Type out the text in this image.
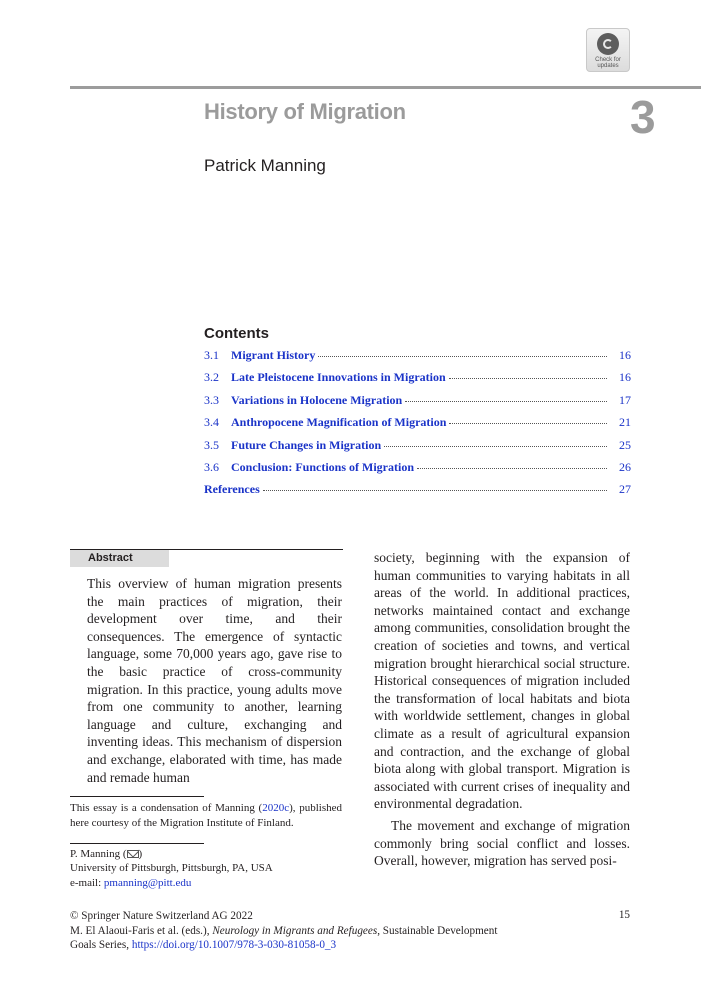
Check for
updates
History of Migration	3
Patrick Manning
Contents
3.1	Migrant History	16
3.2	Late Pleistocene Innovations in Migration	16
3.3	Variations in Holocene Migration	17
3.4	Anthropocene Magnification of Migration	21
3.5	Future Changes in Migration	25
3.6	Conclusion: Functions of Migration	26
References	27
Abstract
This overview of human migration presents the main practices of migration, their development over time, and their consequences. The emergence of syntactic language, some 70,000 years ago, gave rise to the basic practice of cross-community migration. In this practice, young adults move from one community to another, learning language and culture, exchanging and inventing ideas. This mechanism of dispersion and exchange, elaborated with time, has made and remade human

society, beginning with the expansion of human communities to varying habitats in all areas of the world. In additional practices, networks maintained contact and exchange among communities, consolidation brought the creation of societies and towns, and vertical migration brought hierarchical social structure. Historical consequences of migration included the transformation of local habitats and biota with worldwide settlement, changes in global climate as a result of agricultural expansion and contraction, and the exchange of global biota along with global transport. Migration is associated with current crises of inequality and environmental degradation.

The movement and exchange of migration commonly bring social conflict and losses. Overall, however, migration has served posi-

This essay is a condensation of Manning (2020c), published here courtesy of the Migration Institute of Finland.
P. Manning ( )
University of Pittsburgh, Pittsburgh, PA, USA
e-mail: pmanning@pitt.edu
© Springer Nature Switzerland AG 2022
M. El Alaoui-Faris et al. (eds.), Neurology in Migrants and Refugees, Sustainable Development
Goals Series, https://doi.org/10.1007/978-3-030-81058-0_3
15
